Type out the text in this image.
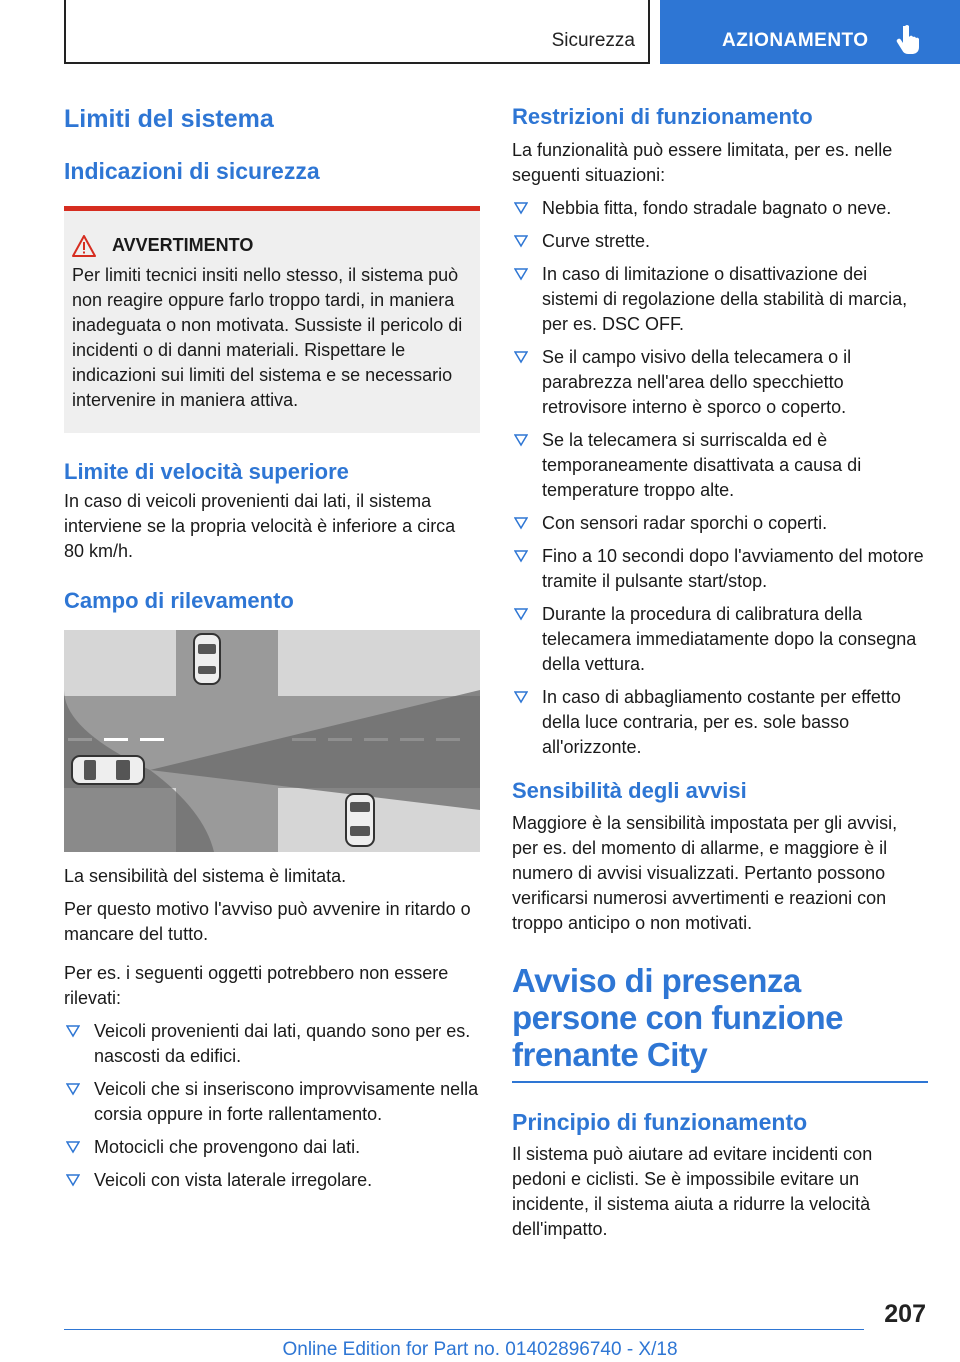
Sicurezza	AZIONAMENTO
Limiti del sistema
Indicazioni di sicurezza
AVVERTIMENTO

Per limiti tecnici insiti nello stesso, il sistema può non reagire oppure farlo troppo tardi, in maniera inadeguata o non motivata. Sussiste il pericolo di incidenti o di danni materiali. Rispettare le indicazioni sui limiti del sistema e se necessario intervenire in maniera attiva.

Limite di velocità superiore

In caso di veicoli provenienti dai lati, il sistema interviene se la propria velocità è inferiore a circa 80 km/h.

Campo di rilevamento

La sensibilità del sistema è limitata.

Per questo motivo l'avviso può avvenire in ritardo o mancare del tutto.

Per es. i seguenti oggetti potrebbero non essere rilevati:

Veicoli provenienti dai lati, quando sono per es. nascosti da edifici.
Veicoli che si inseriscono improvvisamente nella corsia oppure in forte rallentamento.
Motocicli che provengono dai lati.
Veicoli con vista laterale irregolare.
Restrizioni di funzionamento

La funzionalità può essere limitata, per es. nelle seguenti situazioni:

Nebbia fitta, fondo stradale bagnato o neve.
Curve strette.
In caso di limitazione o disattivazione dei sistemi di regolazione della stabilità di marcia, per es. DSC OFF.
Se il campo visivo della telecamera o il parabrezza nell'area dello specchietto retrovisore interno è sporco o coperto.
Se la telecamera si surriscalda ed è temporaneamente disattivata a causa di temperature troppo alte.
Con sensori radar sporchi o coperti.
Fino a 10 secondi dopo l'avviamento del motore tramite il pulsante start/stop.
Durante la procedura di calibratura della telecamera immediatamente dopo la consegna della vettura.
In caso di abbagliamento costante per effetto della luce contraria, per es. sole basso all'orizzonte.
Sensibilità degli avvisi

Maggiore è la sensibilità impostata per gli avvisi, per es. del momento di allarme, e maggiore è il numero di avvisi visualizzati. Pertanto possono verificarsi numerosi avvertimenti e reazioni con troppo anticipo o non motivati.

Avviso di presenza persone con funzione frenante City
Principio di funzionamento

Il sistema può aiutare ad evitare incidenti con pedoni e ciclisti. Se è impossibile evitare un incidente, il sistema aiuta a ridurre la velocità dell'impatto.

207
Online Edition for Part no. 01402896740 - X/18
